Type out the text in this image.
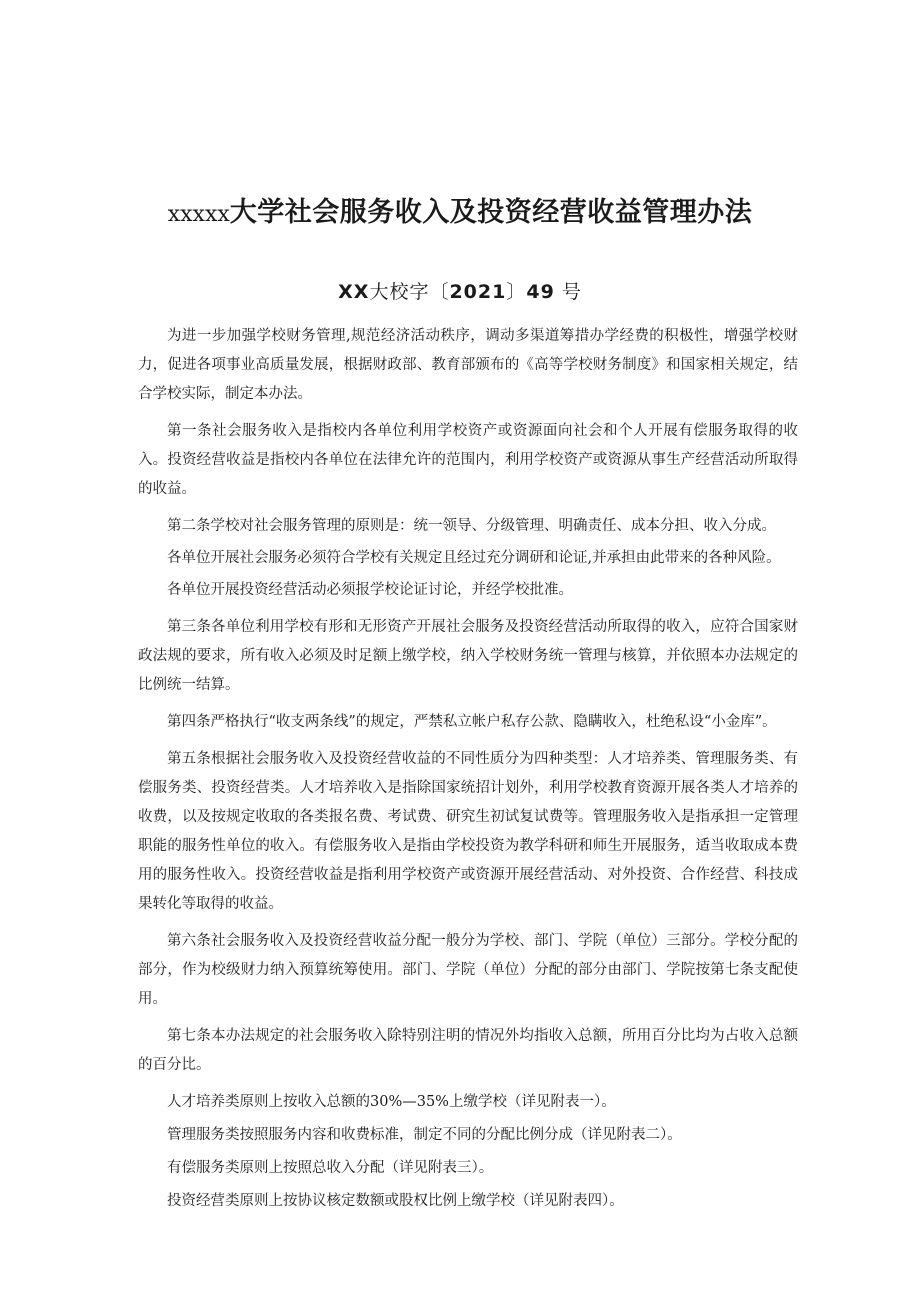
xxxxx大学社会服务收入及投资经营收益管理办法
XX大校字〔2021〕49 号

为进一步加强学校财务管理,规范经济活动秩序，调动多渠道筹措办学经费的积极性，增强学校财力，促进各项事业高质量发展，根据财政部、教育部颁布的《高等学校财务制度》和国家相关规定，结合学校实际，制定本办法。

第一条社会服务收入是指校内各单位利用学校资产或资源面向社会和个人开展有偿服务取得的收入。投资经营收益是指校内各单位在法律允许的范围内，利用学校资产或资源从事生产经营活动所取得的收益。

第二条学校对社会服务管理的原则是：统一领导、分级管理、明确责任、成本分担、收入分成。

各单位开展社会服务必须符合学校有关规定且经过充分调研和论证,并承担由此带来的各种风险。

各单位开展投资经营活动必须报学校论证讨论，并经学校批准。

第三条各单位利用学校有形和无形资产开展社会服务及投资经营活动所取得的收入，应符合国家财政法规的要求，所有收入必须及时足额上缴学校，纳入学校财务统一管理与核算，并依照本办法规定的比例统一结算。

第四条严格执行“收支两条线”的规定，严禁私立帐户私存公款、隐瞒收入，杜绝私设“小金库”。

第五条根据社会服务收入及投资经营收益的不同性质分为四种类型：人才培养类、管理服务类、有偿服务类、投资经营类。人才培养收入是指除国家统招计划外，利用学校教育资源开展各类人才培养的收费，以及按规定收取的各类报名费、考试费、研究生初试复试费等。管理服务收入是指承担一定管理职能的服务性单位的收入。有偿服务收入是指由学校投资为教学科研和师生开展服务，适当收取成本费用的服务性收入。投资经营收益是指利用学校资产或资源开展经营活动、对外投资、合作经营、科技成果转化等取得的收益。

第六条社会服务收入及投资经营收益分配一般分为学校、部门、学院（单位）三部分。学校分配的部分，作为校级财力纳入预算统筹使用。部门、学院（单位）分配的部分由部门、学院按第七条支配使用。

第七条本办法规定的社会服务收入除特别注明的情况外均指收入总额，所用百分比均为占收入总额的百分比。

人才培养类原则上按收入总额的30%—35%上缴学校（详见附表一）。

管理服务类按照服务内容和收费标准，制定不同的分配比例分成（详见附表二）。

有偿服务类原则上按照总收入分配（详见附表三）。

投资经营类原则上按协议核定数额或股权比例上缴学校（详见附表四）。
